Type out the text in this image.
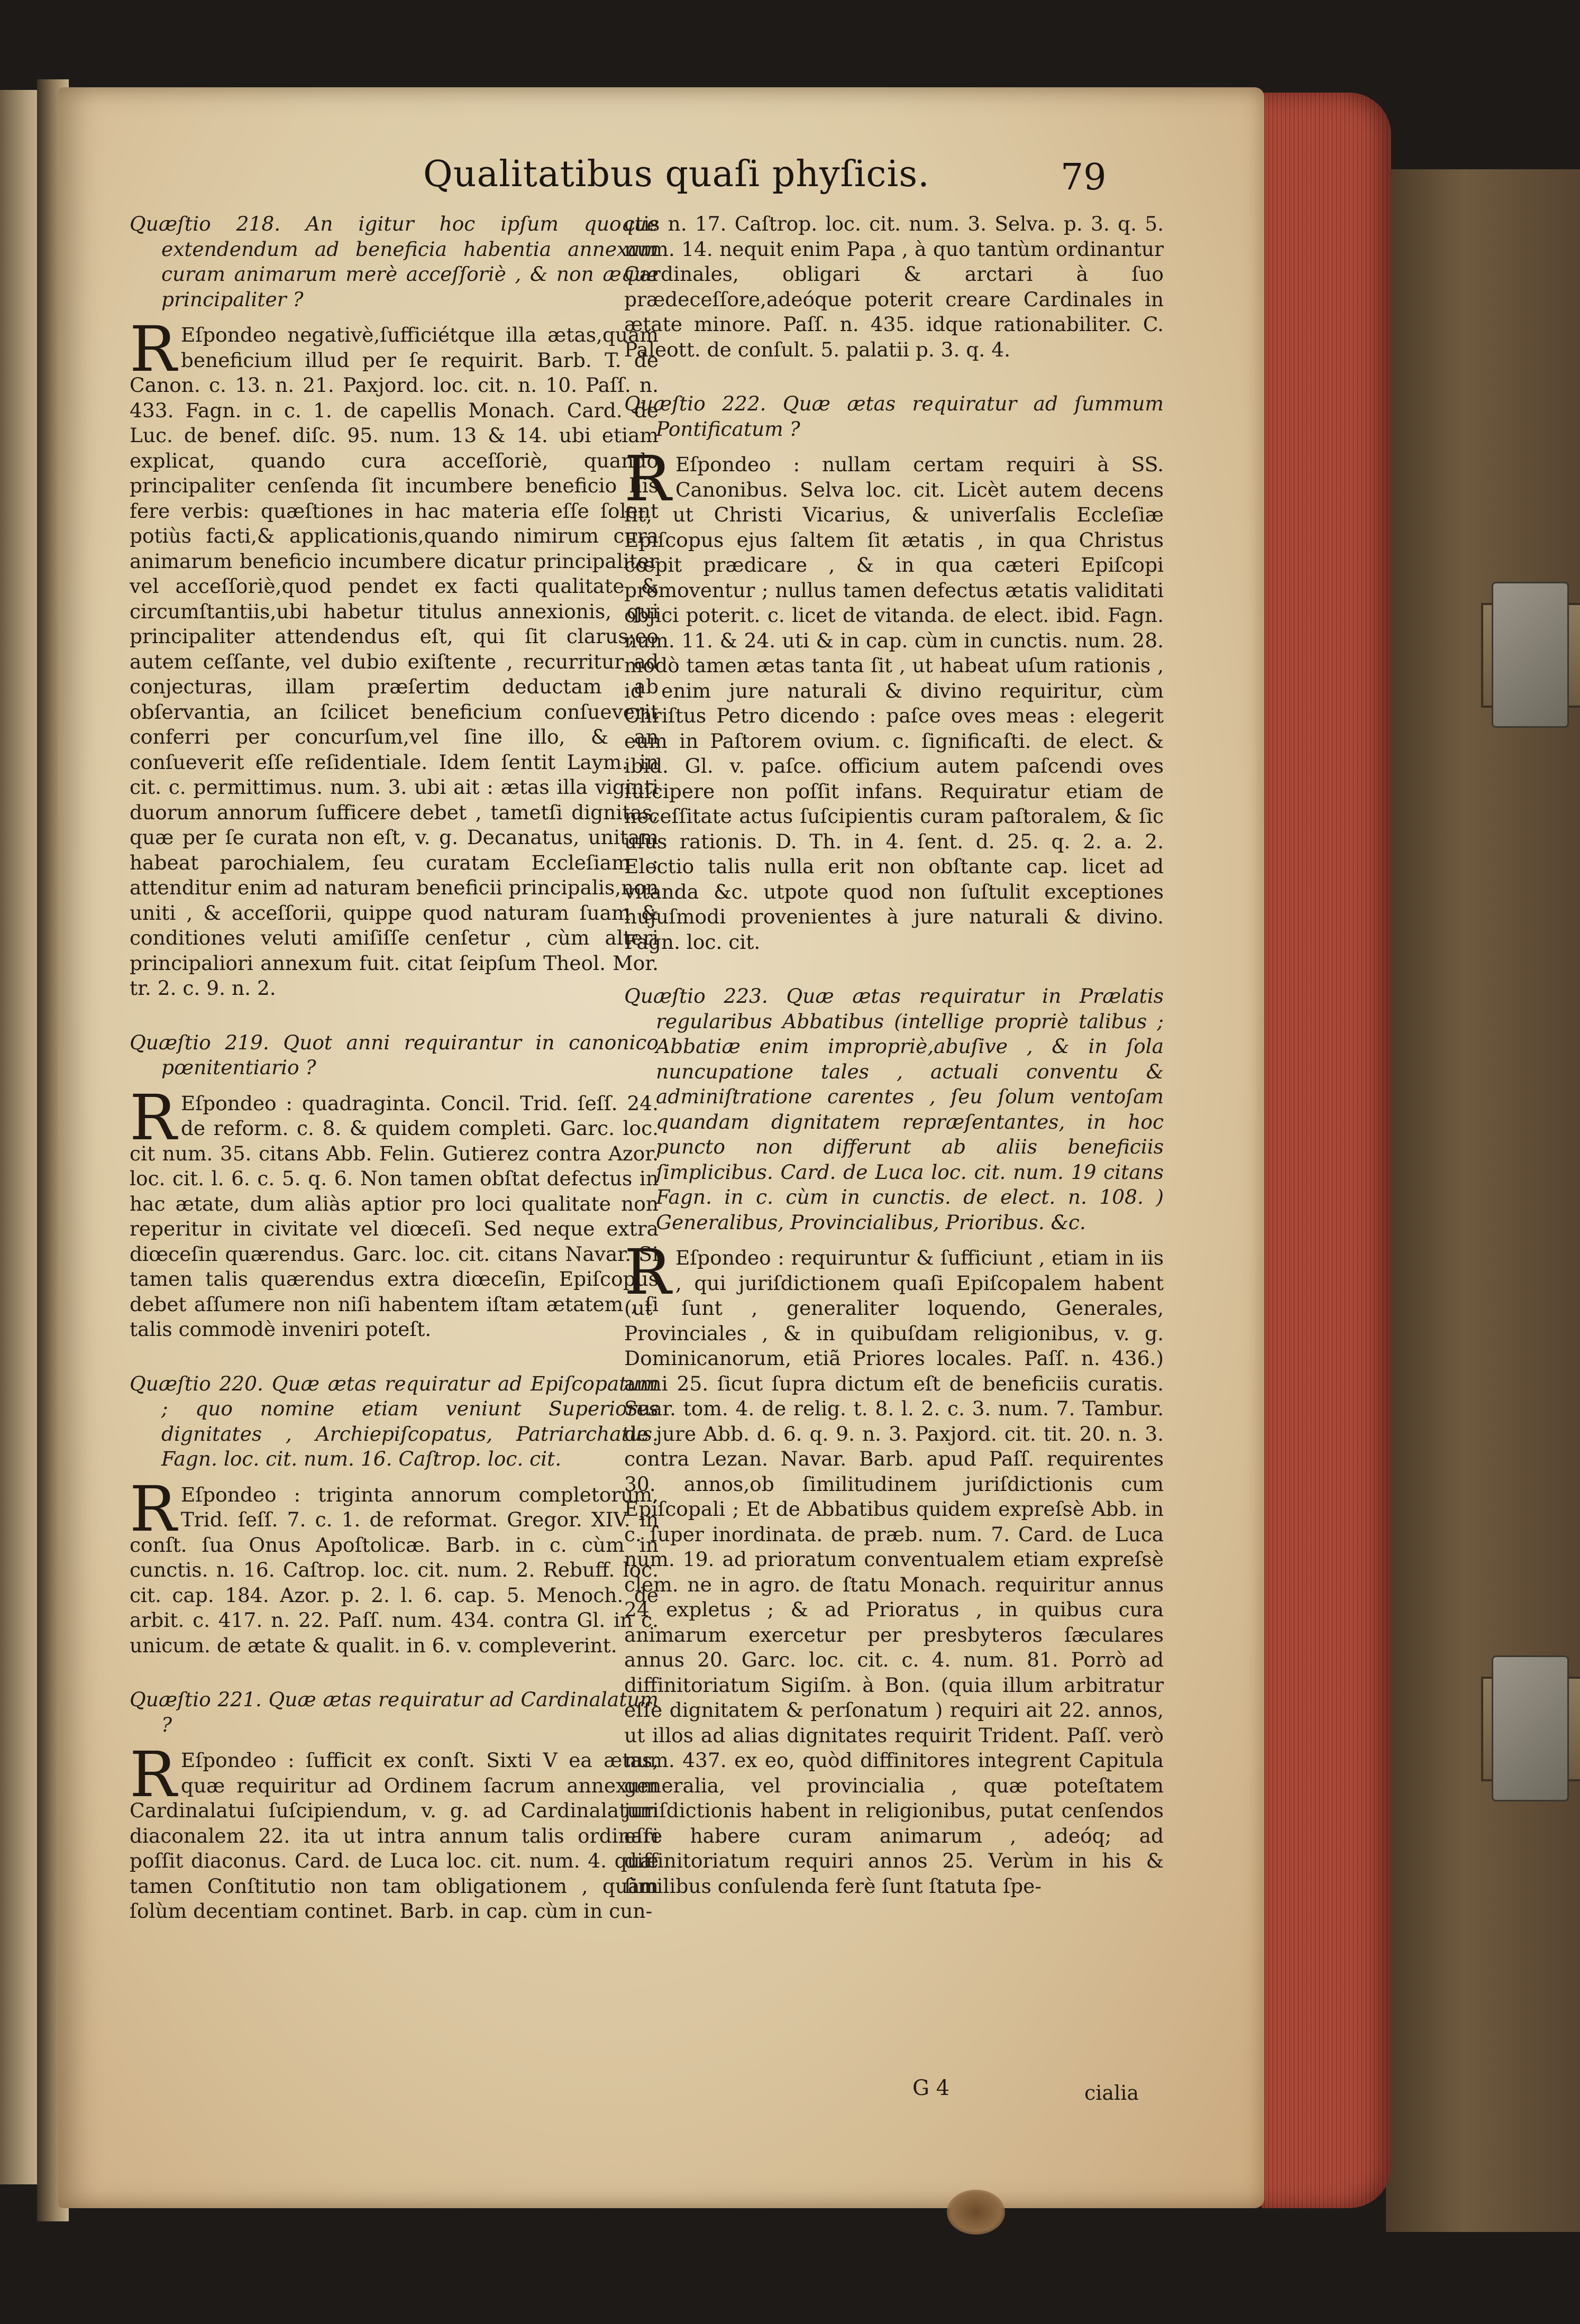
Qualitatibus quaſi phyſicis.	79

Quæſtio 218. An igitur hoc ipſum quoque extendendum ad beneficia habentia annexam curam animarum merè acceſſoriè , & non æque principaliter ?

REſpondeo negativè,ſufficiétque illa ætas,quam beneficium illud per ſe requirit. Barb. T. de Canon. c. 13. n. 21. Paxjord. loc. cit. n. 10. Paſſ. n. 433. Fagn. in c. 1. de capellis Monach. Card. de Luc. de benef. diſc. 95. num. 13 & 14. ubi etiam explicat, quando cura acceſſoriè, quando principaliter cenſenda ſit incumbere beneficio his fere verbis: quæſtiones in hac materia eſſe ſolent potiùs facti,& applicationis,quando nimirum cura animarum beneficio incumbere dicatur principaliter vel acceſſoriè,quod pendet ex facti qualitate & circumſtantiis,ubi habetur titulus annexionis, qui principaliter attendendus eſt, qui ſit clarus;eo autem ceſſante, vel dubio exiſtente , recurritur ad conjecturas, illam præſertim deductam ab obſervantia, an ſcilicet beneficium conſueverit conferri per concurſum,vel ſine illo, & an conſueverit eſſe reſidentiale. Idem ſentit Laym. in cit. c. permittimus. num. 3. ubi ait : ætas illa viginti duorum annorum ſufficere debet , tametſi dignitas, quæ per ſe curata non eſt, v. g. Decanatus, unitam habeat parochialem, ſeu curatam Eccleſiam ; attenditur enim ad naturam beneficii principalis,non uniti , & acceſſorii, quippe quod naturam ſuam & conditiones veluti amiſiſſe cenſetur , cùm alteri principaliori annexum fuit. citat ſeipſum Theol. Mor. tr. 2. c. 9. n. 2.

Quæſtio 219. Quot anni requirantur in canonico pœnitentiario ?

REſpondeo : quadraginta. Concil. Trid. ſeſſ. 24. de reform. c. 8. & quidem completi. Garc. loc. cit num. 35. citans Abb. Felin. Gutierez contra Azor. loc. cit. l. 6. c. 5. q. 6. Non tamen obſtat defectus in hac ætate, dum aliàs aptior pro loci qualitate non reperitur in civitate vel diœceſi. Sed neque extra diœceſin quærendus. Garc. loc. cit. citans Navar. Si tamen talis quærendus extra diœceſin, Epiſcopus debet aſſumere non niſi habentem iſtam ætatem , ſi talis commodè inveniri poteſt.

Quæſtio 220. Quæ ætas requiratur ad Epiſcopatum ; quo nomine etiam veniunt Superiores dignitates , Archiepiſcopatus, Patriarchatus. Fagn. loc. cit. num. 16. Caſtrop. loc. cit.

REſpondeo : triginta annorum completorum. Trid. ſeſſ. 7. c. 1. de reformat. Gregor. XIV. in conſt. ſua Onus Apoſtolicæ. Barb. in c. cùm in cunctis. n. 16. Caſtrop. loc. cit. num. 2. Rebuff. loc. cit. cap. 184. Azor. p. 2. l. 6. cap. 5. Menoch. de arbit. c. 417. n. 22. Paſſ. num. 434. contra Gl. in c. unicum. de ætate & qualit. in 6. v. compleverint.

Quæſtio 221. Quæ ætas requiratur ad Cardinalatum ?

REſpondeo : ſufficit ex conſt. Sixti V ea ætas, quæ requiritur ad Ordinem ſacrum annexum Cardinalatui ſuſcipiendum, v. g. ad Cardinalatum diaconalem 22. ita ut intra annum talis ordinari poſſit diaconus. Card. de Luca loc. cit. num. 4. quæ tamen Conſtitutio non tam obligationem , quàm ſolùm decentiam continet. Barb. in cap. cùm in cun-

ctis n. 17. Caſtrop. loc. cit. num. 3. Selva. p. 3. q. 5. num. 14. nequit enim Papa , à quo tantùm ordinantur Cardinales, obligari & arctari à ſuo prædeceſſore,adeóque poterit creare Cardinales in ætate minore. Paſſ. n. 435. idque rationabiliter. C. Paleott. de conſult. 5. palatii p. 3. q. 4.

Quæſtio 222. Quæ ætas requiratur ad ſummum Pontificatum ?

REſpondeo : nullam certam requiri à SS. Canonibus. Selva loc. cit. Licèt autem decens ſit, ut Christi Vicarius, & univerſalis Eccleſiæ Epiſcopus ejus ſaltem ſit ætatis , in qua Christus cœpit prædicare , & in qua cæteri Epiſcopi promoventur ; nullus tamen defectus ætatis validitati objici poterit. c. licet de vitanda. de elect. ibid. Fagn. num. 11. & 24. uti & in cap. cùm in cunctis. num. 28. modò tamen ætas tanta ſit , ut habeat uſum rationis , id enim jure naturali & divino requiritur, cùm Chriſtus Petro dicendo : paſce oves meas : elegerit eum in Paſtorem ovium. c. ſignificaſti. de elect. & ibid. Gl. v. paſce. officium autem paſcendi oves ſuſcipere non poſſit infans. Requiratur etiam de neceſſitate actus ſuſcipientis curam paſtoralem, & ſic uſus rationis. D. Th. in 4. ſent. d. 25. q. 2. a. 2. Electio talis nulla erit non obſtante cap. licet ad vitanda &c. utpote quod non ſuſtulit exceptiones hujuſmodi provenientes à jure naturali & divino. Fagn. loc. cit.

Quæſtio 223. Quæ ætas requiratur in Prælatis regularibus Abbatibus (intellige propriè talibus ; Abbatiæ enim impropriè,abuſive , & in ſola nuncupatione tales , actuali conventu & adminiſtratione carentes , ſeu ſolum ventoſam quandam dignitatem repræſentantes, in hoc puncto non differunt ab aliis beneficiis ſimplicibus. Card. de Luca loc. cit. num. 19 citans Fagn. in c. cùm in cunctis. de elect. n. 108. ) Generalibus, Provincialibus, Prioribus. &c.

REſpondeo : requiruntur & ſufficiunt , etiam in iis , qui juriſdictionem quaſi Epiſcopalem habent (ut ſunt , generaliter loquendo, Generales, Provinciales , & in quibuſdam religionibus, v. g. Dominicanorum, etiã Priores locales. Paſſ. n. 436.) anni 25. ſicut ſupra dictum eſt de beneficiis curatis. Suar. tom. 4. de relig. t. 8. l. 2. c. 3. num. 7. Tambur. de jure Abb. d. 6. q. 9. n. 3. Paxjord. cit. tit. 20. n. 3. contra Lezan. Navar. Barb. apud Paſſ. requirentes 30. annos,ob ſimilitudinem juriſdictionis cum Epiſcopali ; Et de Abbatibus quidem expreſsè Abb. in c. ſuper inordinata. de præb. num. 7. Card. de Luca num. 19. ad prioratum conventualem etiam expreſsè clem. ne in agro. de ſtatu Monach. requiritur annus 24 expletus ; & ad Prioratus , in quibus cura animarum exercetur per presbyteros ſæculares annus 20. Garc. loc. cit. c. 4. num. 81. Porrò ad diffinitoriatum Sigiſm. à Bon. (quia illum arbitratur eſſe dignitatem & perſonatum ) requiri ait 22. annos, ut illos ad alias dignitates requirit Trident. Paſſ. verò num. 437. ex eo, quòd diffinitores integrent Capitula generalia, vel provincialia , quæ poteſtatem juriſdictionis habent in religionibus, putat cenſendos eſſe habere curam animarum , adeóq; ad diffinitoriatum requiri annos 25. Verùm in his & ſimilibus conſulenda ferè ſunt ſtatuta ſpe-

G 4	cialia
